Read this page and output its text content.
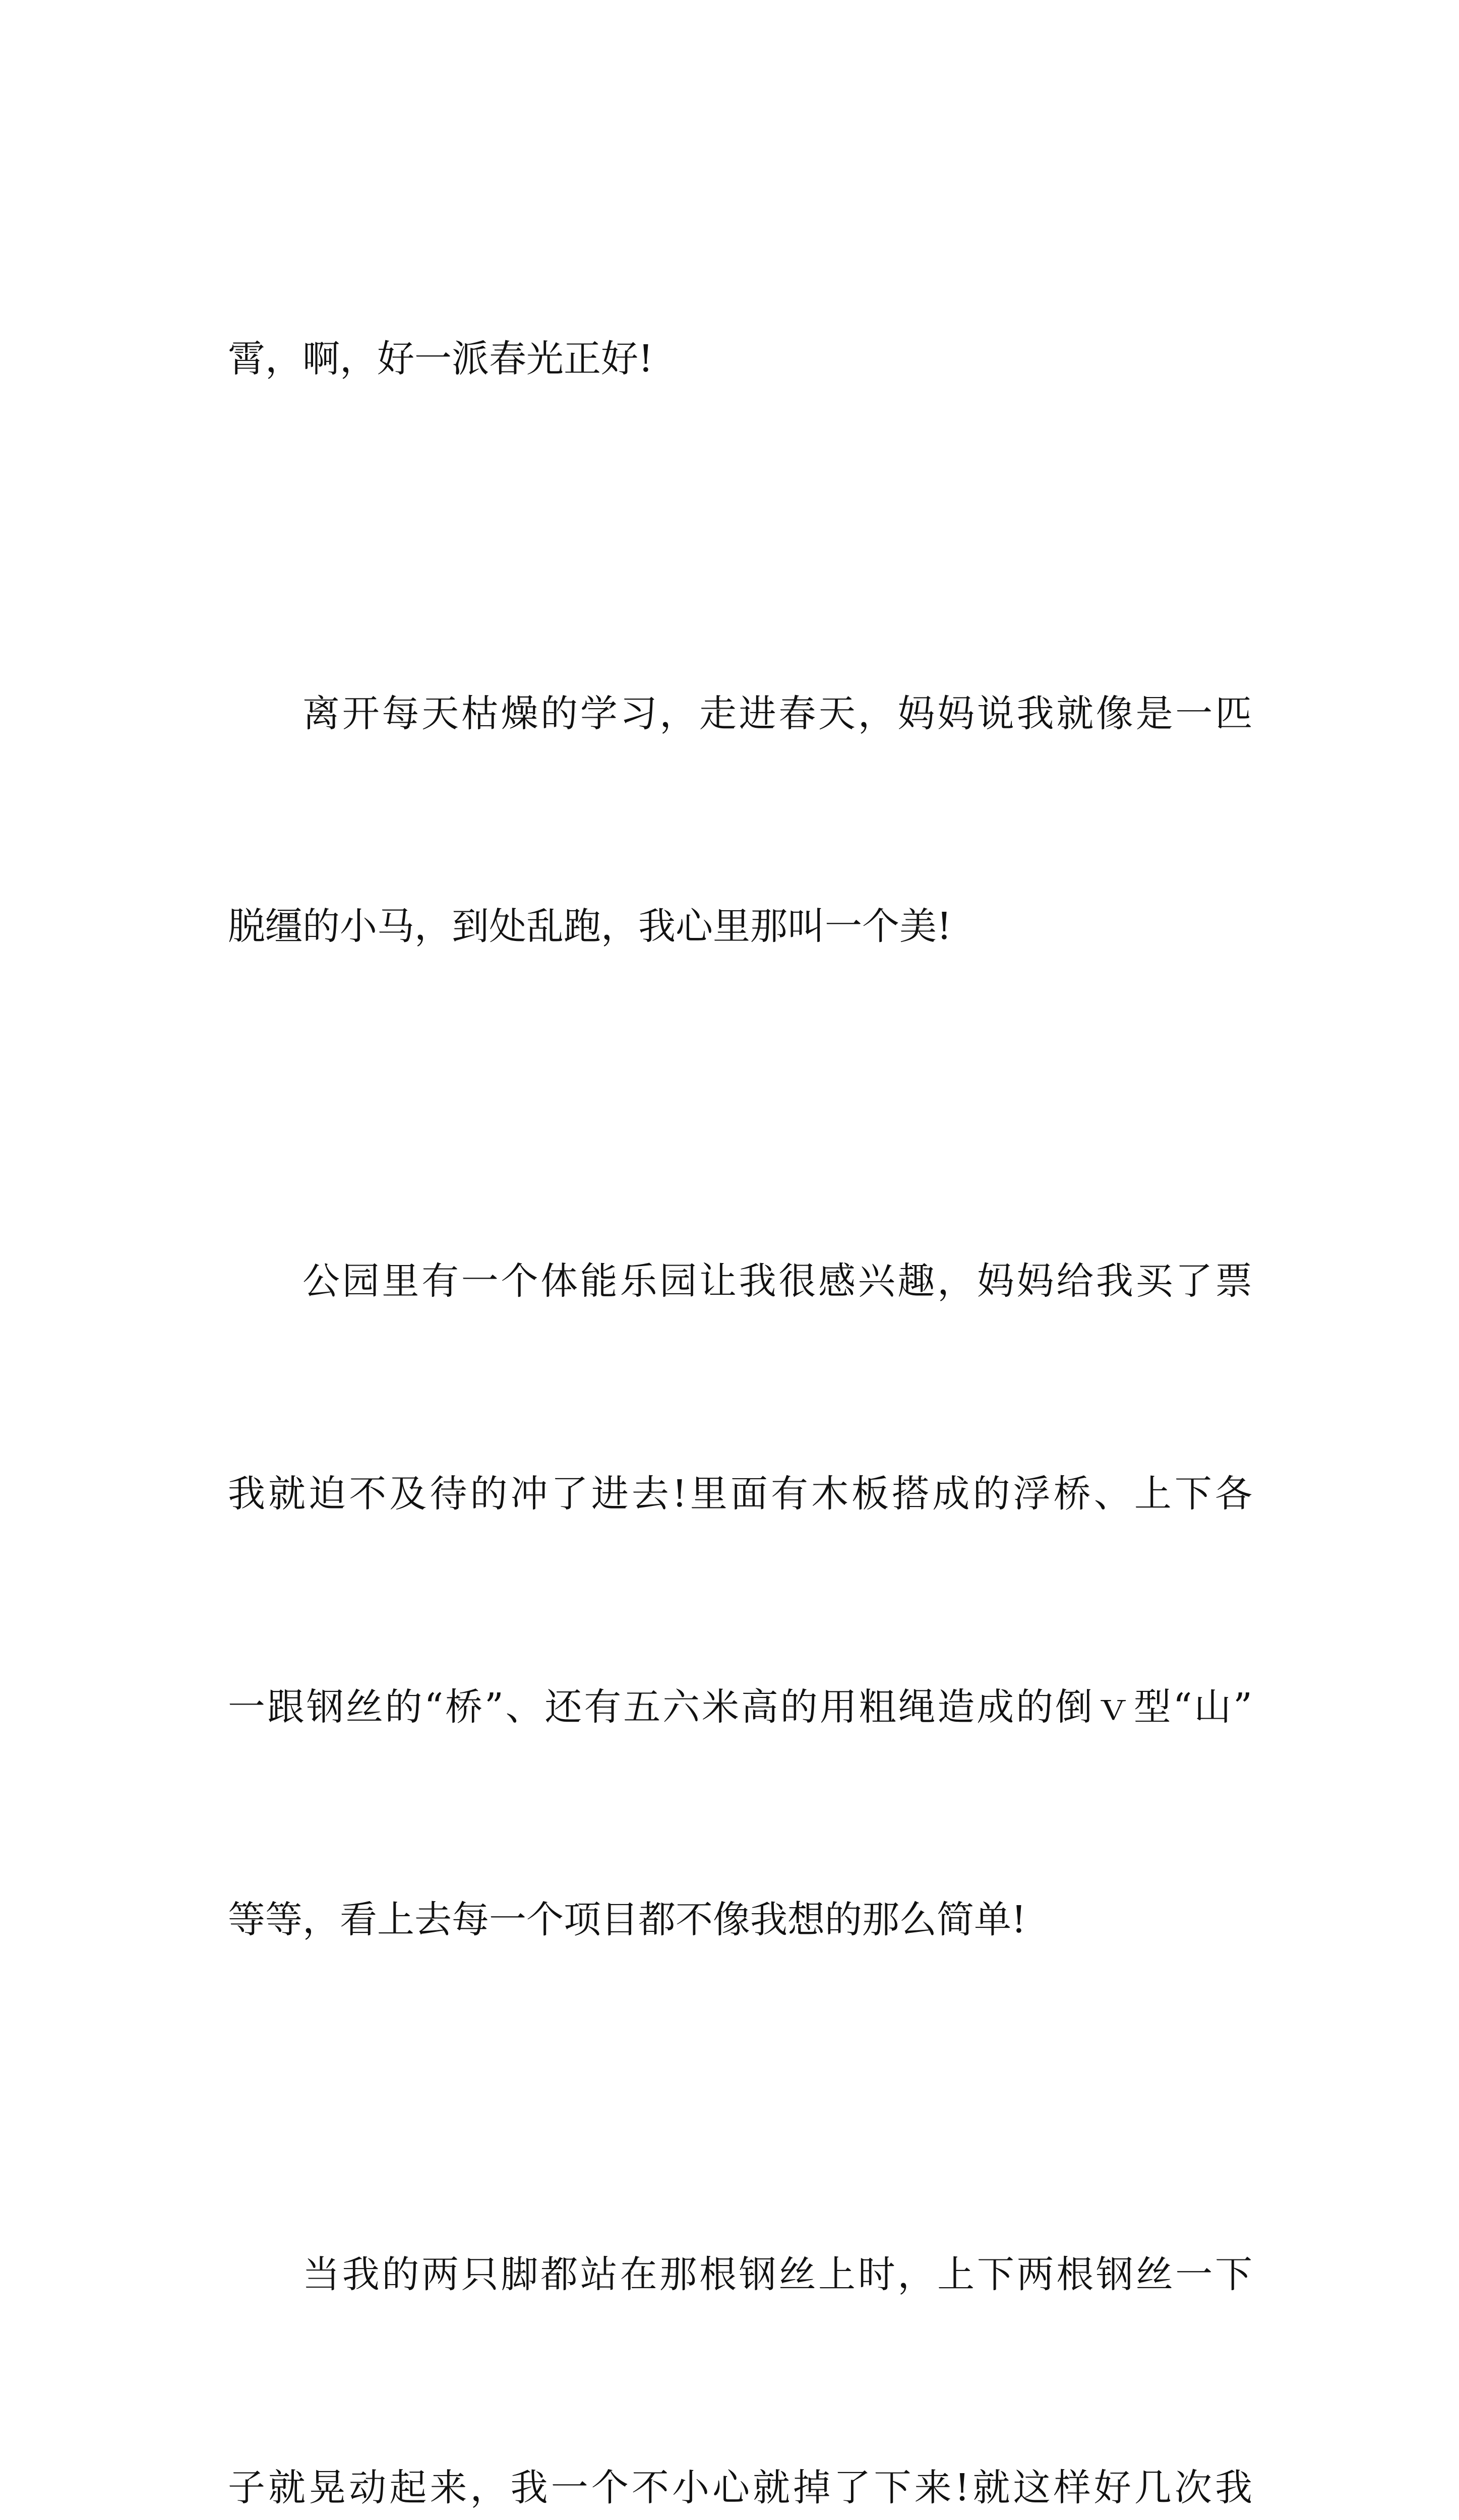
霄，啊，好一派春光正好!

离开每天枯燥的学习，走进春天，妈妈说我就像是一匹

脱缰的小马，到处乱跑，我心里那叫一个美!

公园里有一个体能乐园让我很感兴趣，妈妈给我买了票

我就迫不及待的冲了进去!里面有木板搭成的浮桥、上下各

一跟钢丝的“桥”、还有五六米高的用粗绳造成的倒ｖ型“山”

等等，看上去每一个项目都不像我想的那么简单!

当我的两只脚都站在那根钢丝上时，上下两根钢丝一下

子就晃动起来，我一个不小心就掉了下来!就这样好几次我
